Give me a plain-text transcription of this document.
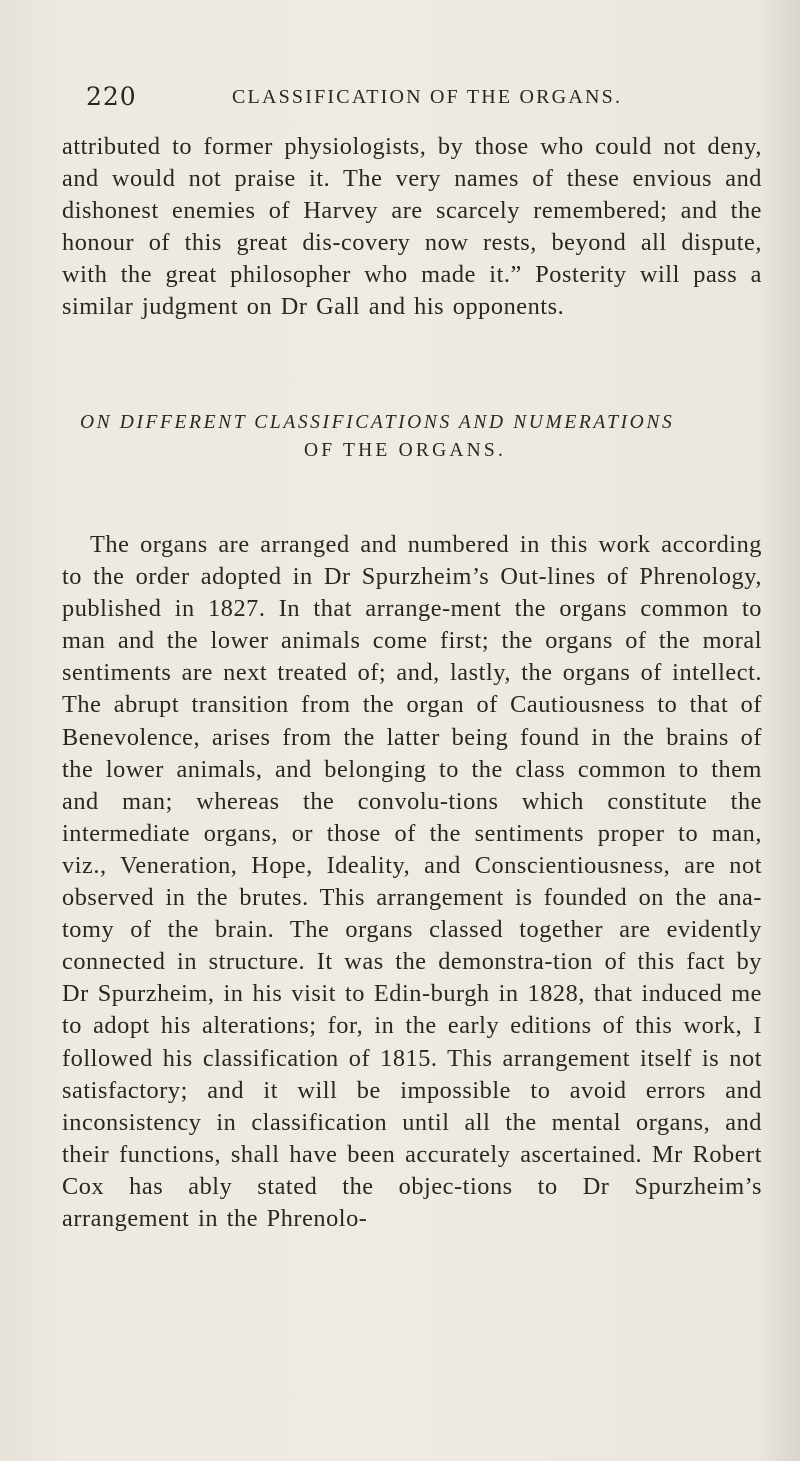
220	CLASSIFICATION OF THE ORGANS.

attributed to former physiologists, by those who could not deny, and would not praise it. The very names of these envious and dishonest enemies of Harvey are scarcely remembered; and the honour of this great dis-covery now rests, beyond all dispute, with the great philosopher who made it.” Posterity will pass a similar judgment on Dr Gall and his opponents.

ON DIFFERENT CLASSIFICATIONS AND NUMERATIONS
OF THE ORGANS.

The organs are arranged and numbered in this work according to the order adopted in Dr Spurzheim’s Out-lines of Phrenology, published in 1827. In that arrange-ment the organs common to man and the lower animals come first; the organs of the moral sentiments are next treated of; and, lastly, the organs of intellect. The abrupt transition from the organ of Cautiousness to that of Benevolence, arises from the latter being found in the brains of the lower animals, and belonging to the class common to them and man; whereas the convolu-tions which constitute the intermediate organs, or those of the sentiments proper to man, viz., Veneration, Hope, Ideality, and Conscientiousness, are not observed in the brutes. This arrangement is founded on the ana-tomy of the brain. The organs classed together are evidently connected in structure. It was the demonstra-tion of this fact by Dr Spurzheim, in his visit to Edin-burgh in 1828, that induced me to adopt his alterations; for, in the early editions of this work, I followed his classification of 1815. This arrangement itself is not satisfactory; and it will be impossible to avoid errors and inconsistency in classification until all the mental organs, and their functions, shall have been accurately ascertained. Mr Robert Cox has ably stated the objec-tions to Dr Spurzheim’s arrangement in the Phrenolo-
